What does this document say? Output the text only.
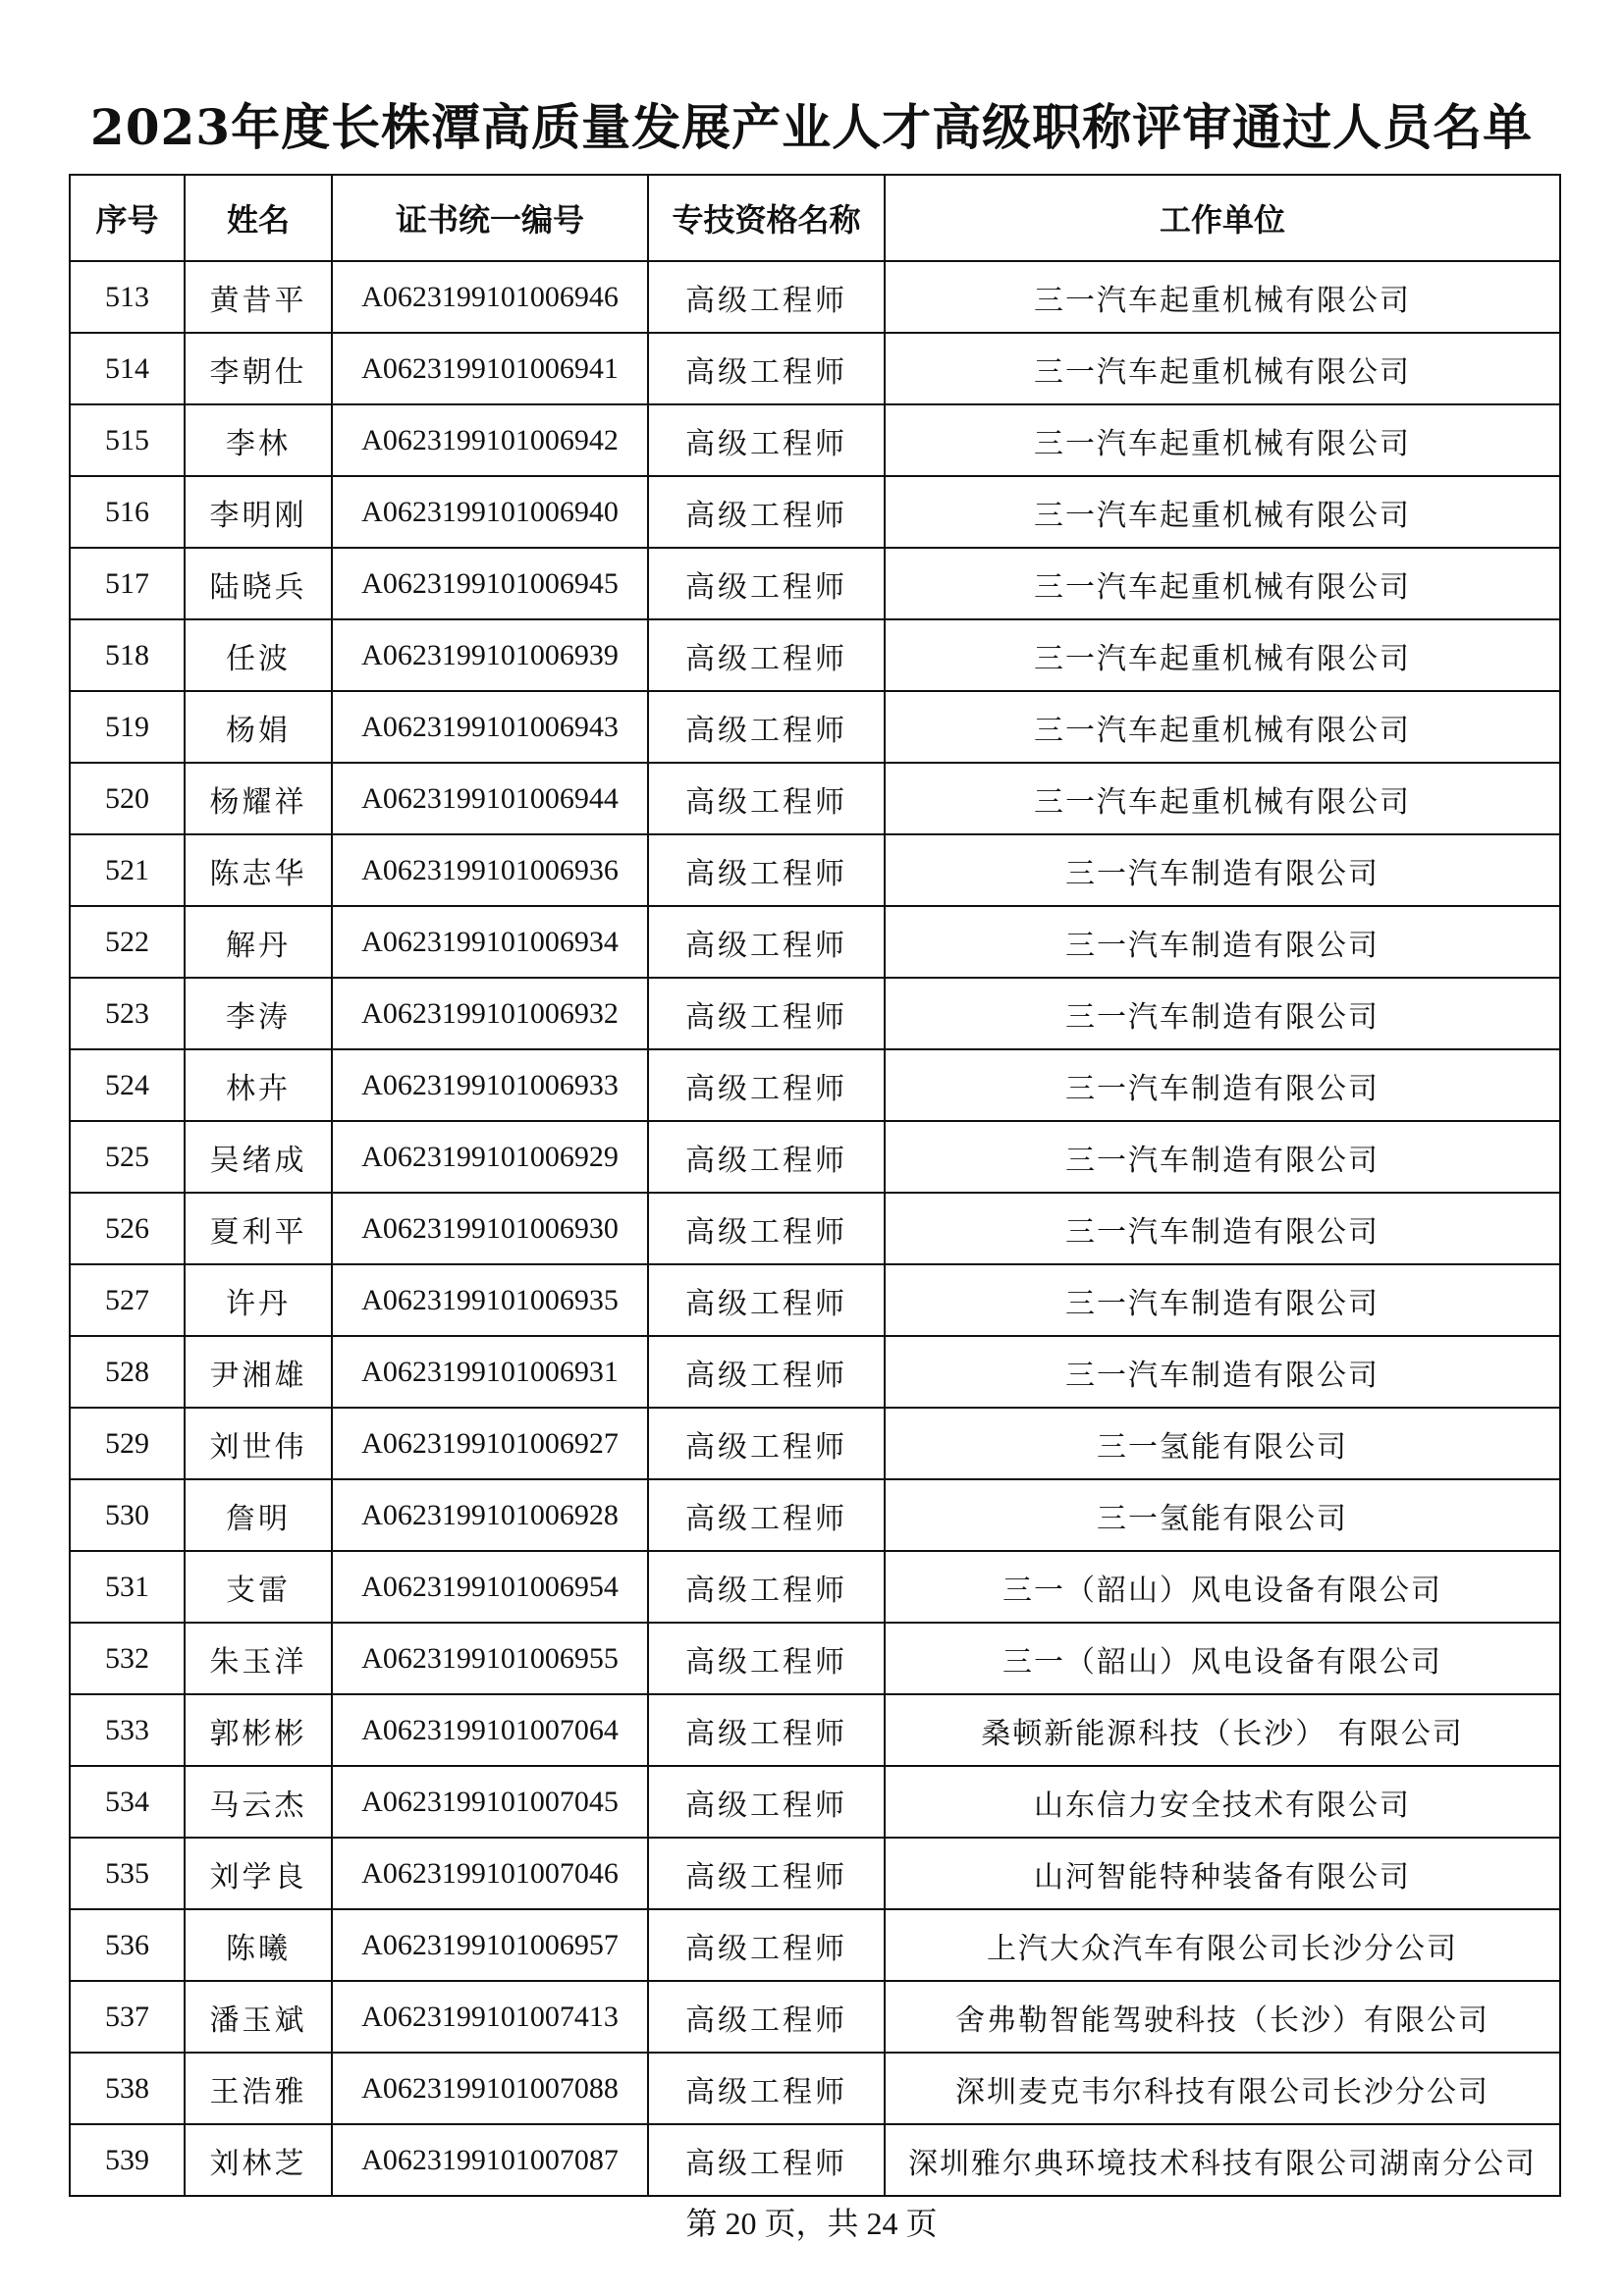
2023年度长株潭高质量发展产业人才高级职称评审通过人员名单
序号	姓名	证书统一编号	专技资格名称	工作单位
513	黄昔平	A0623199101006946	高级工程师	三一汽车起重机械有限公司
514	李朝仕	A0623199101006941	高级工程师	三一汽车起重机械有限公司
515	李林	A0623199101006942	高级工程师	三一汽车起重机械有限公司
516	李明刚	A0623199101006940	高级工程师	三一汽车起重机械有限公司
517	陆晓兵	A0623199101006945	高级工程师	三一汽车起重机械有限公司
518	任波	A0623199101006939	高级工程师	三一汽车起重机械有限公司
519	杨娟	A0623199101006943	高级工程师	三一汽车起重机械有限公司
520	杨耀祥	A0623199101006944	高级工程师	三一汽车起重机械有限公司
521	陈志华	A0623199101006936	高级工程师	三一汽车制造有限公司
522	解丹	A0623199101006934	高级工程师	三一汽车制造有限公司
523	李涛	A0623199101006932	高级工程师	三一汽车制造有限公司
524	林卉	A0623199101006933	高级工程师	三一汽车制造有限公司
525	吴绪成	A0623199101006929	高级工程师	三一汽车制造有限公司
526	夏利平	A0623199101006930	高级工程师	三一汽车制造有限公司
527	许丹	A0623199101006935	高级工程师	三一汽车制造有限公司
528	尹湘雄	A0623199101006931	高级工程师	三一汽车制造有限公司
529	刘世伟	A0623199101006927	高级工程师	三一氢能有限公司
530	詹明	A0623199101006928	高级工程师	三一氢能有限公司
531	支雷	A0623199101006954	高级工程师	三一（韶山）风电设备有限公司
532	朱玉洋	A0623199101006955	高级工程师	三一（韶山）风电设备有限公司
533	郭彬彬	A0623199101007064	高级工程师	桑顿新能源科技（长沙） 有限公司
534	马云杰	A0623199101007045	高级工程师	山东信力安全技术有限公司
535	刘学良	A0623199101007046	高级工程师	山河智能特种装备有限公司
536	陈曦	A0623199101006957	高级工程师	上汽大众汽车有限公司长沙分公司
537	潘玉斌	A0623199101007413	高级工程师	舍弗勒智能驾驶科技（长沙）有限公司
538	王浩雅	A0623199101007088	高级工程师	深圳麦克韦尔科技有限公司长沙分公司
539	刘林芝	A0623199101007087	高级工程师	深圳雅尔典环境技术科技有限公司湖南分公司
第 20 页，共 24 页
